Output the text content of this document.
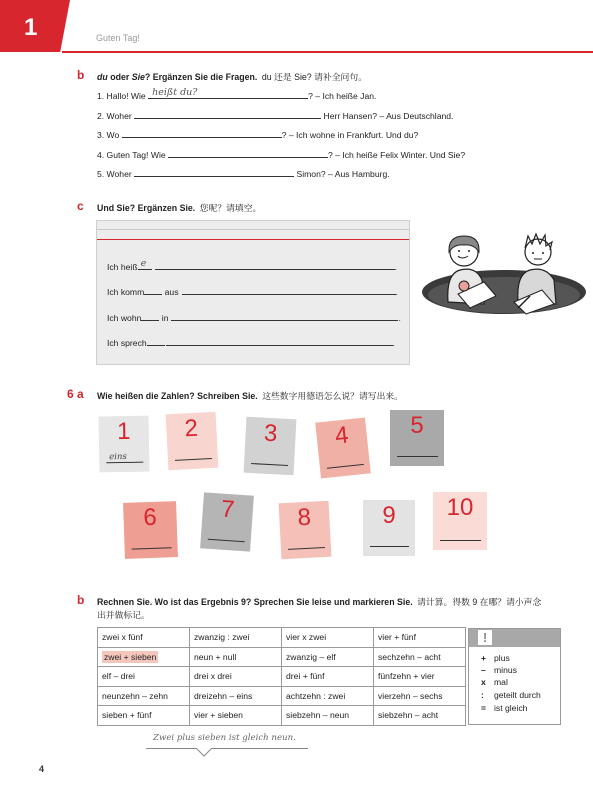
1	Guten Tag!
b du oder Sie? Ergänzen Sie die Fragen. du 还是 Sie? 请补全问句。
1. Hallo! Wie heißt du?	? – Ich heiße Jan.
2. Woher	Herr Hansen? – Aus Deutschland.
3. Wo	? – Ich wohne in Frankfurt. Und du?
4. Guten Tag! Wie	? – Ich heiße Felix Winter. Und Sie?
5. Woher	Simon? – Aus Hamburg.
c Und Sie? Ergänzen Sie. 您呢？请填空。
Ich heiß e	.
Ich komm aus	.
Ich wohn in	.
Ich sprech	.
6 a Wie heißen die Zahlen? Schreiben Sie. 这些数字用德语怎么说？请写出来。
1
eins
2	3	4	5
6	7	8	9	10
b Rechnen Sie. Wo ist das Ergebnis 9? Sprechen Sie leise und markieren Sie. 请计算。得数 9 在哪？请小声念
出并做标记。
zwei x fünf	zwanzig : zwei	vier x zwei	vier + fünf
zwei + sieben	neun + null	zwanzig – elf	sechzehn – acht
elf – drei	drei x drei	drei + fünf	fünfzehn + vier
neunzehn – zehn	dreizehn – eins	achtzehn : zwei	vierzehn – sechs
sieben + fünf	vier + sieben	siebzehn – neun	siebzehn – acht
!
+ plus
– minus
x mal
: geteilt durch
= ist gleich
Zwei plus sieben ist gleich neun.
4
